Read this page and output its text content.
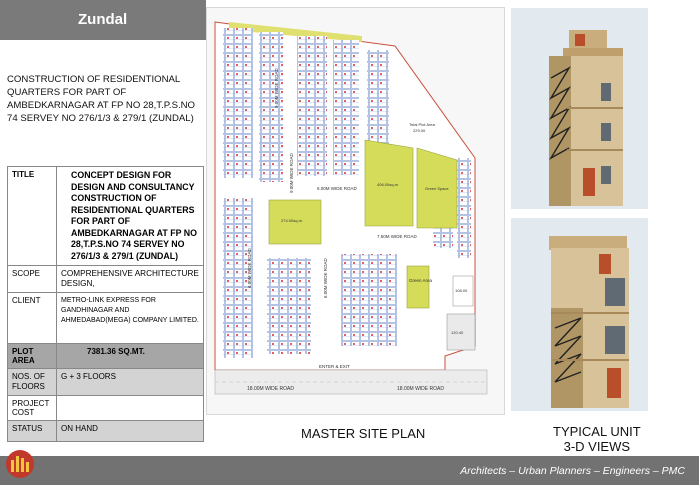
Zundal
CONSTRUCTION OF RESIDENTIONAL QUARTERS FOR PART OF AMBEDKARNAGAR AT FP NO 28,T.P.S.NO 74 SERVEY NO 276/1/3 & 279/1 (ZUNDAL)
TITLE	CONCEPT DESIGN FOR DESIGN AND CONSULTANCY CONSTRUCTION OF RESIDENTIONAL QUARTERS FOR PART OF AMBEDKARNAGAR AT FP NO 28,T.P.S.NO 74 SERVEY NO 276/1/3 & 279/1 (ZUNDAL)
SCOPE	COMPREHENSIVE ARCHITECTURE DESIGN,
CLIENT	METRO-LINK EXPRESS FOR GANDHINAGAR AND AHMEDABAD(MEGA) COMPANY LIMITED.
PLOT AREA	7381.36 SQ.MT.
NOS. OF FLOORS	G + 3 FLOORS
PROJECT COST	
STATUS	ON HAND
9.00M WIDE ROAD
6.00M WIDE ROAD
9.00M WIDE ROAD
7.50M WIDE ROAD
6.00M WIDE ROAD	6.00M WIDE ROAD
18.00M WIDE ROAD	18.00M WIDE ROAD
ENTER & EXIT
Green Space
Green Area
Total Plot Area
229.00
274.00sq.m
406.00sq.m
108.00
120.40
MASTER SITE PLAN	TYPICAL UNIT
3-D VIEWS
Architects – Urban Planners – Engineers – PMC
